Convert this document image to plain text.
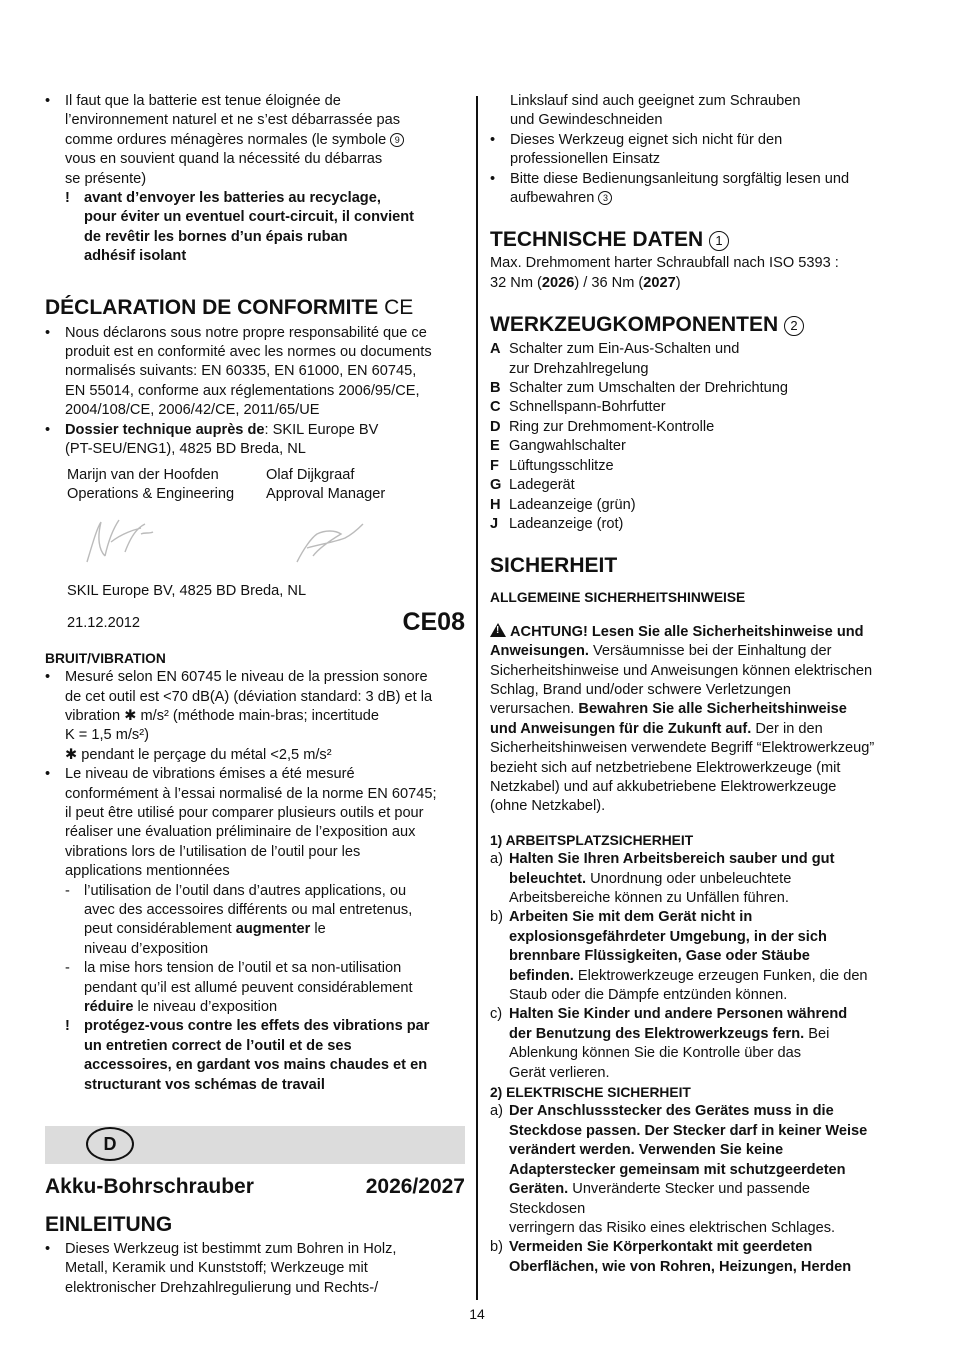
• Il faut que la batterie est tenue éloignée de

l’environnement naturel et ne s’est débarrassée pas

comme ordures ménagères normales (le symbole 9

vous en souvient quand la nécessité du débarras

se présente)

! avant d’envoyer les batteries au recyclage,

pour éviter un eventuel court-circuit, il convient

de revêtir les bornes d’un épais ruban

adhésif isolant

DÉCLARATION DE CONFORMITE CE

• Nous déclarons sous notre propre responsabilité que ce

produit est en conformité avec les normes ou documents

normalisés suivants: EN 60335, EN 61000, EN 60745,

EN 55014, conforme aux réglementations 2006/95/CE,

2004/108/CE, 2006/42/CE, 2011/65/UE

• Dossier technique auprès de: SKIL Europe BV

(PT-SEU/ENG1), 4825 BD Breda, NL

Marijn van der Hoofden

Operations & Engineering

Olaf Dijkgraaf

Approval Manager

SKIL Europe BV, 4825 BD Breda, NL

21.12.2012	CE08

BRUIT/VIBRATION

• Mesuré selon EN 60745 le niveau de la pression sonore

de cet outil est <70 dB(A) (déviation standard: 3 dB) et la

vibration ✱ m/s² (méthode main-bras; incertitude

K = 1,5 m/s²)

✱ pendant le perçage du métal <2,5 m/s²

• Le niveau de vibrations émises a été mesuré

conformément à l’essai normalisé de la norme EN 60745;

il peut être utilisé pour comparer plusieurs outils et pour

réaliser une évaluation préliminaire de l’exposition aux

vibrations lors de l’utilisation de l’outil pour les

applications mentionnées

- l’utilisation de l’outil dans d’autres applications, ou

avec des accessoires différents ou mal entretenus,

peut considérablement augmenter le

niveau d’exposition

- la mise hors tension de l’outil et sa non-utilisation

pendant qu’il est allumé peuvent considérablement

réduire le niveau d’exposition

! protégez-vous contre les effets des vibrations par

un entretien correct de l’outil et de ses

accessoires, en gardant vos mains chaudes et en

structurant vos schémas de travail

D
Akku-Bohrschrauber	2026/2027
EINLEITUNG

• Dieses Werkzeug ist bestimmt zum Bohren in Holz,

Metall, Keramik und Kunststoff; Werkzeuge mit

elektronischer Drehzahlregulierung und Rechts-/

Linkslauf sind auch geeignet zum Schrauben

und Gewindeschneiden

• Dieses Werkzeug eignet sich nicht für den

professionellen Einsatz

• Bitte diese Bedienungsanleitung sorgfältig lesen und

aufbewahren 3

TECHNISCHE DATEN 1

Max. Drehmoment harter Schraubfall nach ISO 5393 :

32 Nm (2026) / 36 Nm (2027)

WERKZEUGKOMPONENTEN 2
A Schalter zum Ein-Aus-Schalten und

zur Drehzahlregelung

B Schalter zum Umschalten der Drehrichtung

C Schnellspann-Bohrfutter

D Ring zur Drehmoment-Kontrolle

E Gangwahlschalter

F Lüftungsschlitze

G Ladegerät

H Ladeanzeige (grün)

J Ladeanzeige (rot)

SICHERHEIT

ALLGEMEINE SICHERHEITSHINWEISE

! ACHTUNG! Lesen Sie alle Sicherheitshinweise und

Anweisungen. Versäumnisse bei der Einhaltung der

Sicherheitshinweise und Anweisungen können elektrischen

Schlag, Brand und/oder schwere Verletzungen

verursachen. Bewahren Sie alle Sicherheitshinweise

und Anweisungen für die Zukunft auf. Der in den

Sicherheitshinweisen verwendete Begriff “Elektrowerkzeug”

bezieht sich auf netzbetriebene Elektrowerkzeuge (mit

Netzkabel) und auf akkubetriebene Elektrowerkzeuge

(ohne Netzkabel).

1) ARBEITSPLATZSICHERHEIT

a) Halten Sie Ihren Arbeitsbereich sauber und gut

beleuchtet. Unordnung oder unbeleuchtete

Arbeitsbereiche können zu Unfällen führen.

b) Arbeiten Sie mit dem Gerät nicht in

explosionsgefährdeter Umgebung, in der sich

brennbare Flüssigkeiten, Gase oder Stäube

befinden. Elektrowerkzeuge erzeugen Funken, die den

Staub oder die Dämpfe entzünden können.

c) Halten Sie Kinder und andere Personen während

der Benutzung des Elektrowerkzeugs fern. Bei

Ablenkung können Sie die Kontrolle über das

Gerät verlieren.

2) ELEKTRISCHE SICHERHEIT

a) Der Anschlussstecker des Gerätes muss in die

Steckdose passen. Der Stecker darf in keiner Weise

verändert werden. Verwenden Sie keine

Adapterstecker gemeinsam mit schutzgeerdeten

Geräten. Unveränderte Stecker und passende

Steckdosen

verringern das Risiko eines elektrischen Schlages.

b) Vermeiden Sie Körperkontakt mit geerdeten

Oberflächen, wie von Rohren, Heizungen, Herden

14
